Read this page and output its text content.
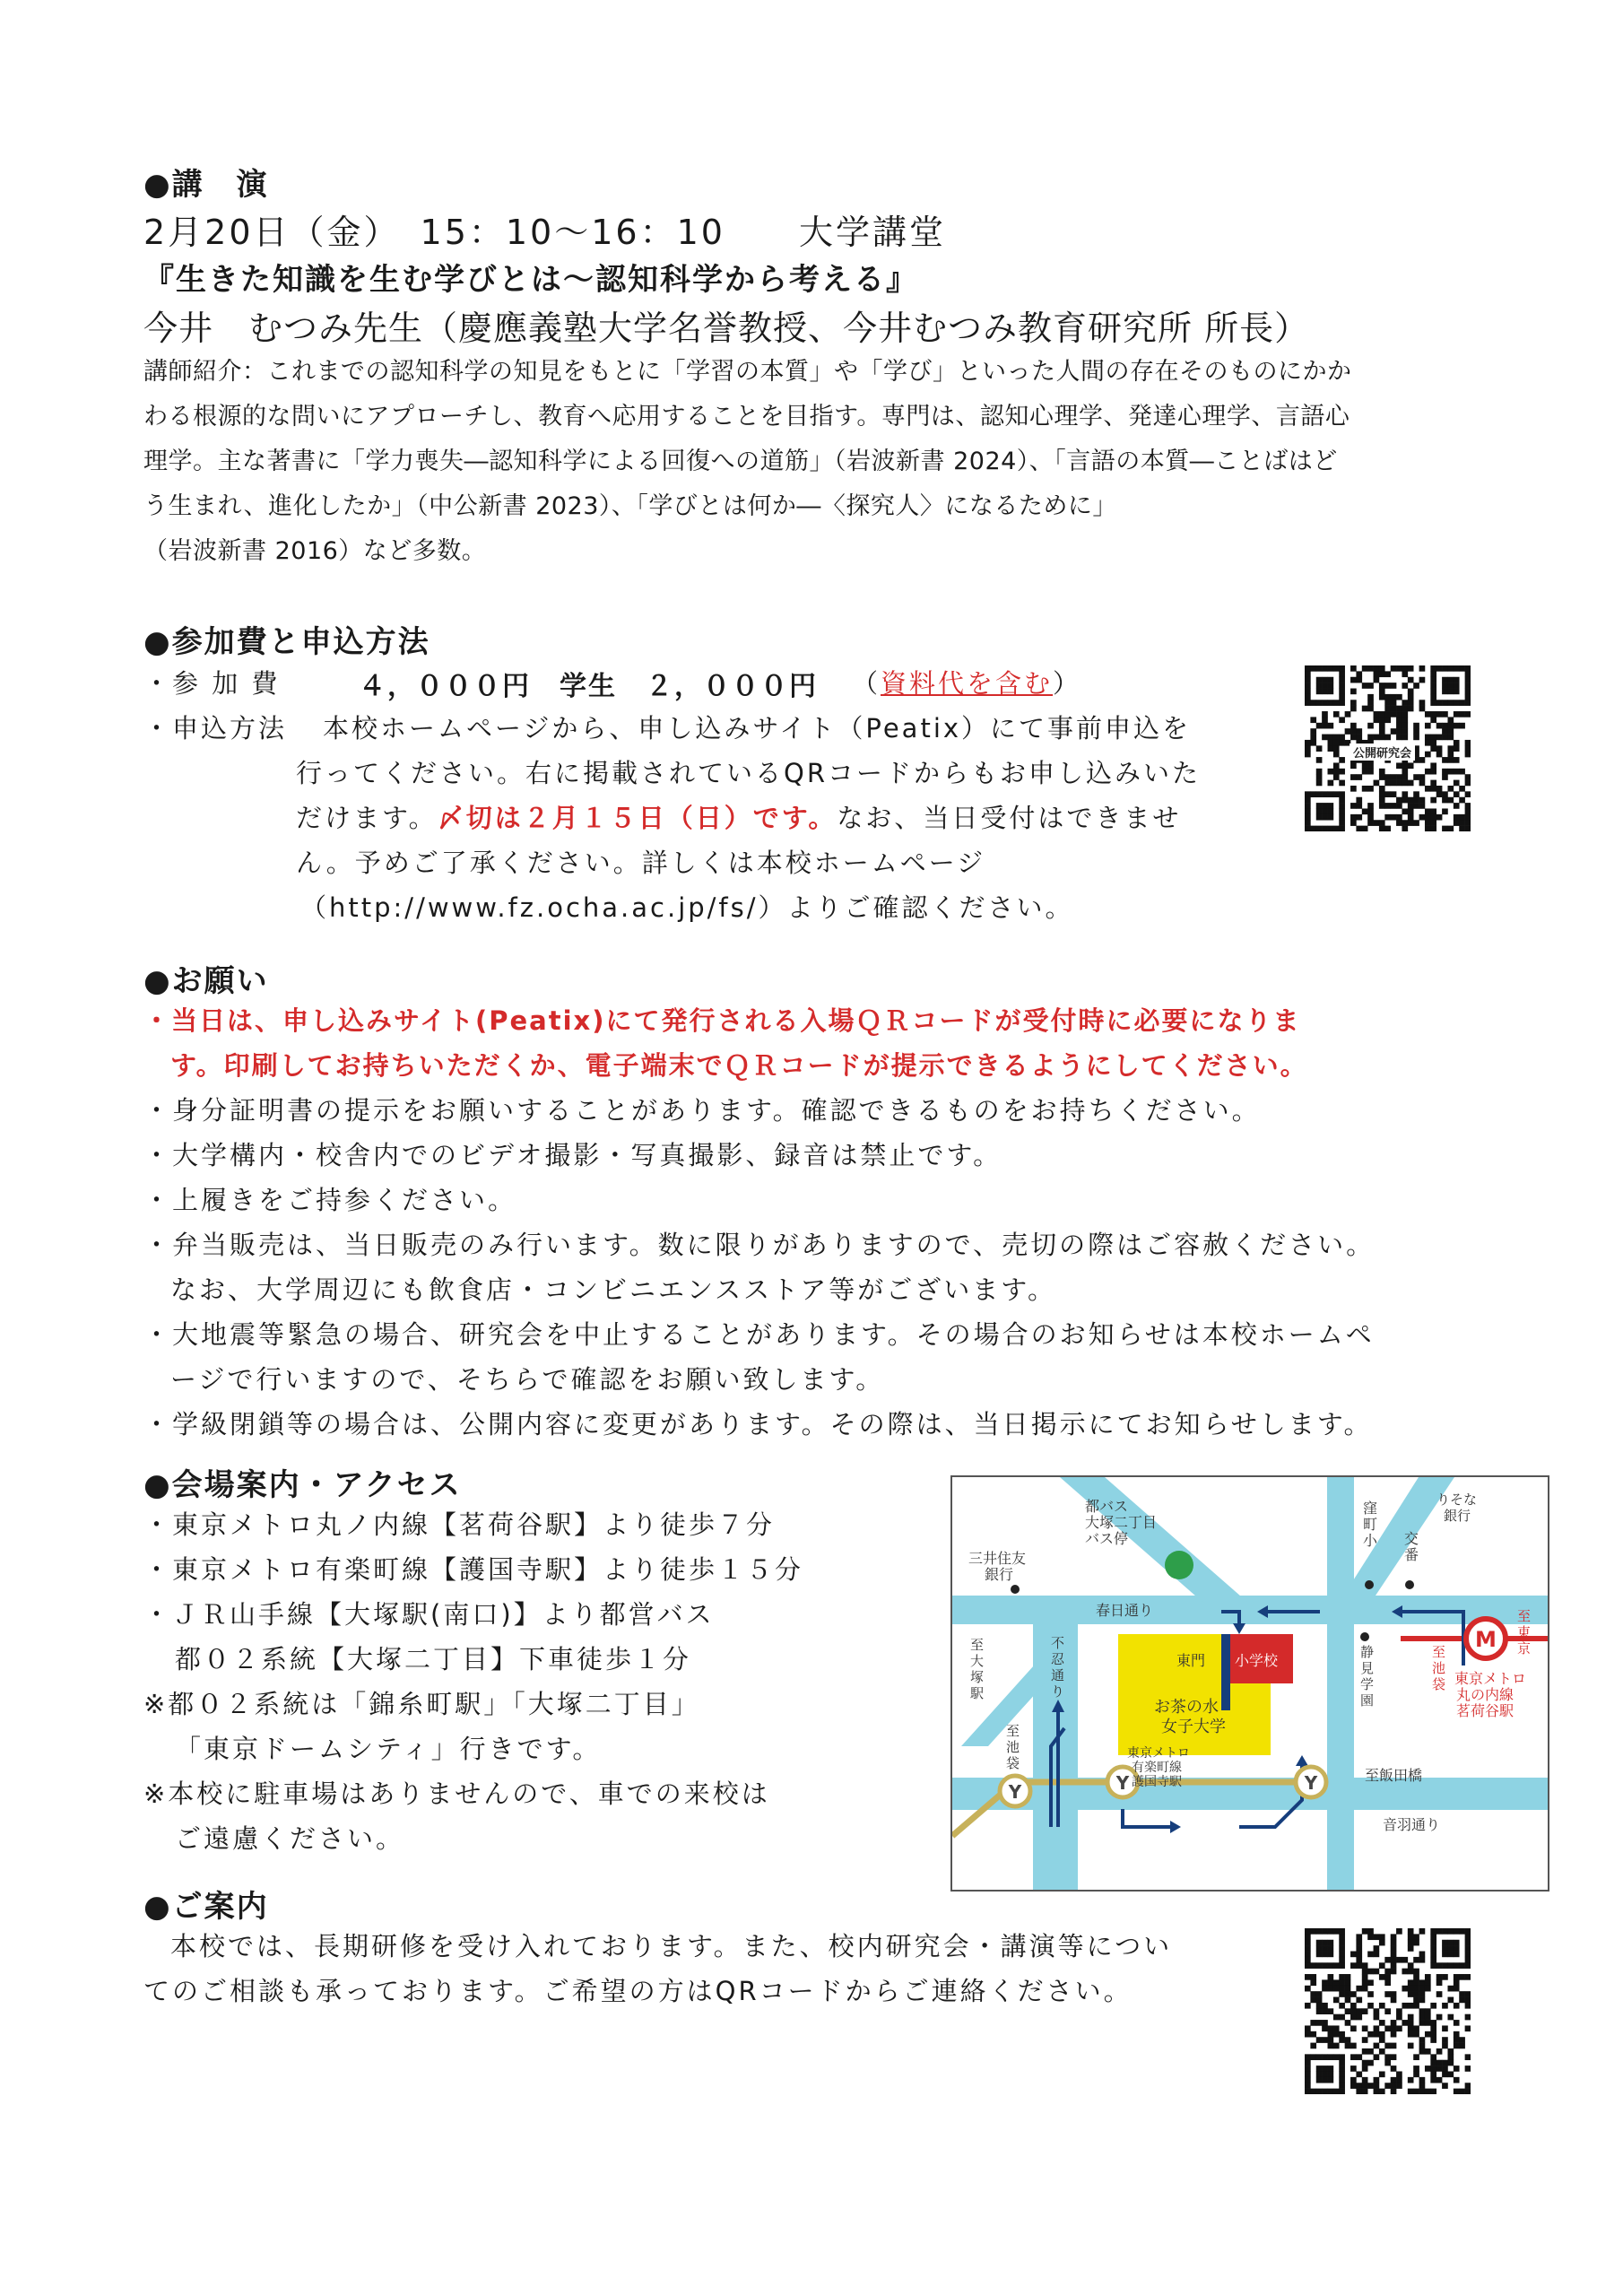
●講　演
2月20日（金）　15：10～16：10　　大学講堂
『生きた知識を生む学びとは～認知科学から考える』
今井　むつみ先生（慶應義塾大学名誉教授、今井むつみ教育研究所 所長）
講師紹介：これまでの認知科学の知見をもとに「学習の本質」や「学び」といった人間の存在そのものにかか
わる根源的な問いにアプローチし、教育へ応用することを目指す。専門は、認知心理学、発達心理学、言語心
理学。主な著書に「学力喪失―認知科学による回復への道筋」（岩波新書 2024）、「言語の本質―ことばはど
う生まれ、進化したか」（中公新書 2023）、「学びとは何か―〈探究人〉になるために」
（岩波新書 2016）など多数。
●参加費と申込方法
・参 加 費	４，０００円　学生　２，０００円 （資料代を含む）
・申込方法 本校ホームページから、申し込みサイト（Peatix）にて事前申込を
行ってください。右に掲載されているQRコードからもお申し込みいた
だけます。〆切は２月１５日（日）です。なお、当日受付はできませ
ん。予めご了承ください。詳しくは本校ホームページ
（http://www.fz.ocha.ac.jp/fs/）よりご確認ください。
公開研究会
●お願い
・当日は、申し込みサイト(Peatix)にて発行される入場ＱＲコードが受付時に必要になりま
す。印刷してお持ちいただくか、電子端末でＱＲコードが提示できるようにしてください。
・身分証明書の提示をお願いすることがあります。確認できるものをお持ちください。
・大学構内・校舎内でのビデオ撮影・写真撮影、録音は禁止です。
・上履きをご持参ください。
・弁当販売は、当日販売のみ行います。数に限りがありますので、売切の際はご容赦ください。
なお、大学周辺にも飲食店・コンビニエンスストア等がございます。
・大地震等緊急の場合、研究会を中止することがあります。その場合のお知らせは本校ホームペ
ージで行いますので、そちらで確認をお願い致します。
・学級閉鎖等の場合は、公開内容に変更があります。その際は、当日掲示にてお知らせします。
●会場案内・アクセス
・東京メトロ丸ノ内線【茗荷谷駅】より徒歩７分
・東京メトロ有楽町線【護国寺駅】より徒歩１５分
・ＪＲ山手線【大塚駅(南口)】より都営バス
都０２系統【大塚二丁目】下車徒歩１分
※都０２系統は「錦糸町駅」「大塚二丁目」
「東京ドームシティ」行きです。
※本校に駐車場はありませんので、車での来校は
ご遠慮ください。
Y	Y	Y
M
都バス
大塚二丁目
バス停
三井住友
銀行
窪
町
小 交
番
りそな
銀行
春日通り	至
東
京
至
池
袋
静
見
学
園
東京メトロ
丸の内線
茗荷谷駅
至
大
塚
駅
不
忍
通
り
東門 小学校
お茶の水
女子大学
東京メトロ
有楽町線
護国寺駅
至
池
袋
至飯田橋
音羽通り
●ご案内
本校では、長期研修を受け入れております。また、校内研究会・講演等につい
てのご相談も承っております。ご希望の方はQRコードからご連絡ください。
